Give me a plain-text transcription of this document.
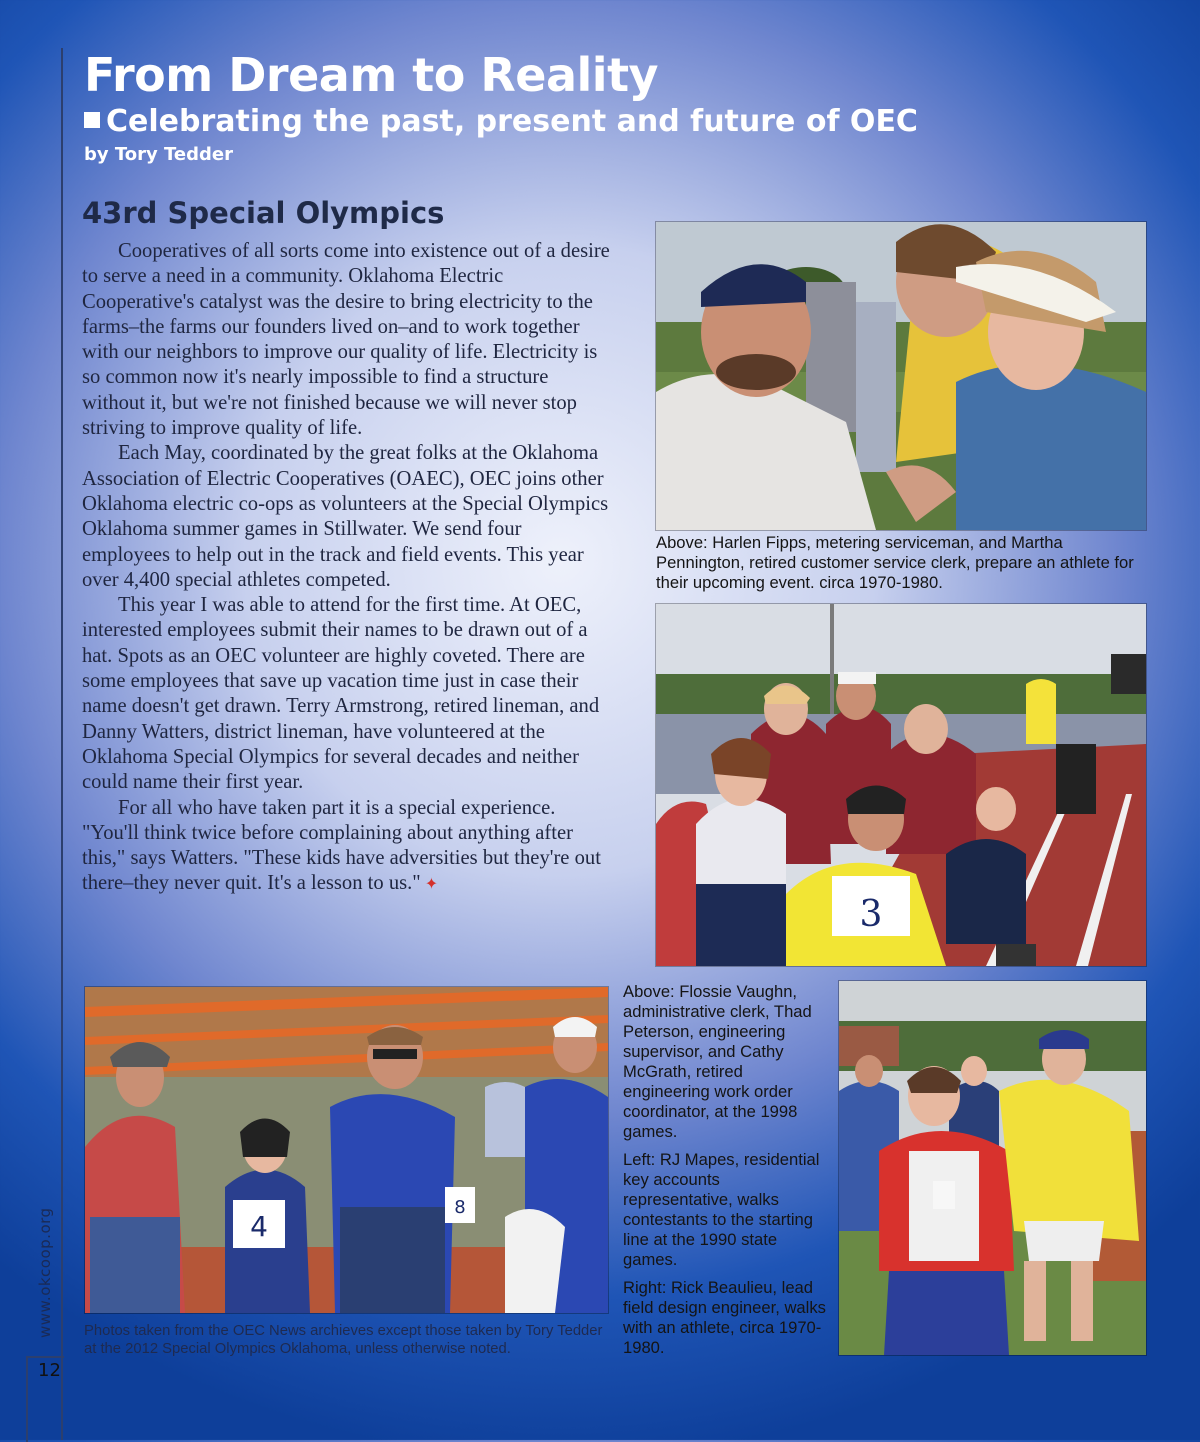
From Dream to Reality
Celebrating the past, present and future of OEC
by Tory Tedder
43rd Special Olympics

Cooperatives of all sorts come into existence out of a desire to serve a need in a community. Oklahoma Electric Cooperative's catalyst was the desire to bring electricity to the farms–the farms our founders lived on–and to work together with our neighbors to improve our quality of life. Electricity is so common now it's nearly impossible to find a structure without it, but we're not finished because we will never stop striving to improve quality of life.

Each May, coordinated by the great folks at the Oklahoma Association of Electric Cooperatives (OAEC), OEC joins other Oklahoma electric co-ops as volunteers at the Special Olympics Oklahoma summer games in Stillwater. We send four employees to help out in the track and field events. This year over 4,400 special athletes competed.

This year I was able to attend for the first time. At OEC, interested employees submit their names to be drawn out of a hat. Spots as an OEC volunteer are highly coveted. There are some employees that save up vacation time just in case their name doesn't get drawn. Terry Armstrong, retired lineman, and Danny Watters, district lineman, have volunteered at the Oklahoma Special Olympics for several decades and neither could name their first year.

For all who have taken part it is a special experience. "You'll think twice before complaining about anything after this," says Watters. "These kids have adversities but they're out there–they never quit. It's a lesson to us." ✦

Above: Harlen Fipps, metering serviceman, and Martha Pennington, retired customer service clerk, prepare an athlete for their upcoming event. circa 1970-1980.
3
4
8
Photos taken from the OEC News archieves except those taken by Tory Tedder at the 2012 Special Olympics Oklahoma, unless otherwise noted.

Above: Flossie Vaughn, administrative clerk, Thad Peterson, engineering supervisor, and Cathy McGrath, retired engineering work order coordinator, at the 1998 games.

Left: RJ Mapes, residential key accounts representative, walks contestants to the starting line at the 1990 state games.

Right: Rick Beaulieu, lead field design engineer, walks with an athlete, circa 1970-1980.

www.okcoop.org
12
